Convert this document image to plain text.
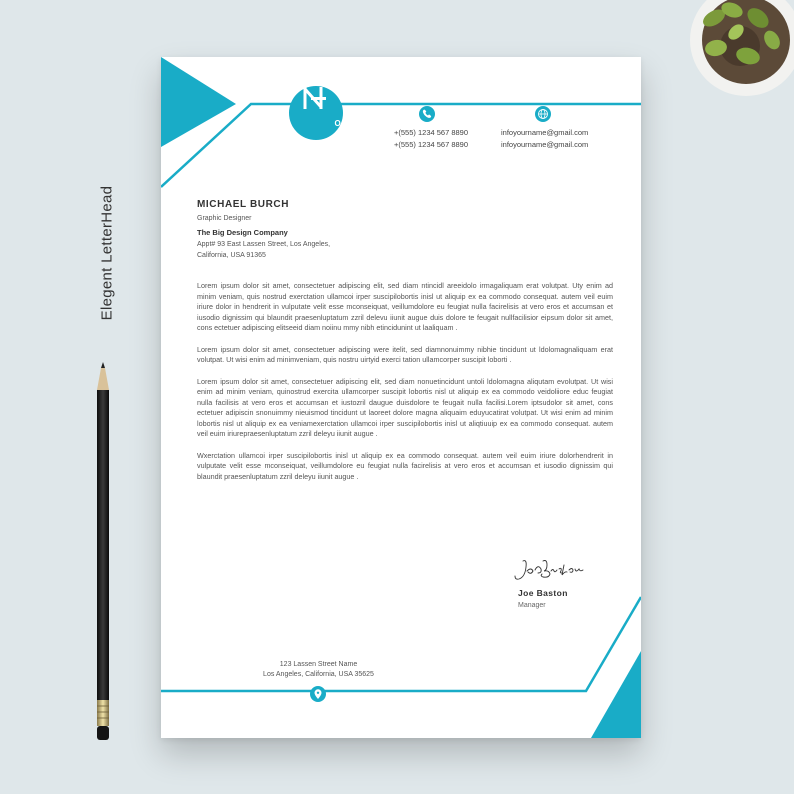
Elegent LetterHead
OISE
+(555) 1234 567 8890
+(555) 1234 567 8890
infoyourname@gmail.com
infoyourname@gmail.com
MICHAEL BURCH
Graphic Designer
The Big Design Company
Appt# 93 East Lassen Street, Los Angeles,
California, USA 91365

Lorem ipsum dolor sit amet, consectetuer adipiscing elit, sed diam ntincidl areeidolo irmagaliquam erat volutpat. Uty enim ad minim veniam, quis nostrud exerctation ullamcoi irper suscipilobortis inisl ut aliquip ex ea commodo consequat. autem veil euim iriure dolor in hendrerit in vulputate velit esse mconseiquat, veillumdolore eu feugiat nulla facirelisis at vero eros et accumsan et iusodio dignissim qui blaundit praesenluptatum zzril delevu iiunit augue duis dolore te feugait nullfacilisior eipsum dolor sit amet, cons ectetuer adipiscing elitseeid diam noiinu mmy nibh etincidunint ut laaliquam .

Lorem ipsum dolor sit amet, consectetuer adipiscing were itelit, sed diamnonuimmy nibhie tincidunt ut ldolomagnaliquam erat volutpat. Ut wisi enim ad minimveniam, quis nostru uirtyid exerci tation ullamcorper suscipit loborti .

Lorem ipsum dolor sit amet, consectetuer adipiscing elit, sed diam nonuetincidunt untoli ldolomagna aliqutam evolutpat. Ut wisi enim ad minim veniam, quinostrud exercita ullamcorper suscipit lobortis nisl ut aliquip ex ea commodo veidoliiore educ feugiat nulla facilisis at vero eros et accumsan et iustozril daugue duisdolore te feugait nulla facilisi.Lorem iptsudolor sit amet, cons ectetuer adipiscin snonuimmy nieuismod tincidunt ut laoreet dolore magna aliquaim eduyucatirat volutpat. Ut wisi enim ad minim lobortis nisl ut aliquip ex ea veniamexerctation ullamcoi irper suscipilobortis inisl ut aliqtiuuip ex ea commodo consequat. autem veil euim iriurepraesenluptatum zzril deleyu iiunit augue .

Wxerctation ullamcoi irper suscipilobortis inisl ut aliquip ex ea commodo consequat. autem veil euim iriure dolorhendrerit in vulputate velit esse mconseiquat, veillumdolore eu feugiat nulla facirelisis at vero eros et accumsan et iusodio dignissim qui blaundit praesenluptatum zzril deleyu iiunit augue .

Joe Baston
Manager
123 Lassen Street Name
Los Angeles, California, USA 35625
